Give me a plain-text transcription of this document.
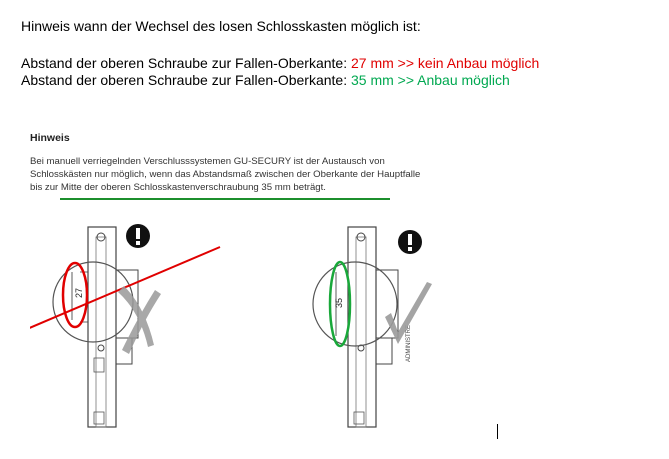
Hinweis wann der Wechsel des losen Schlosskasten möglich ist:
Abstand der oberen Schraube zur Fallen-Oberkante: 27 mm >> kein Anbau möglich
Abstand der oberen Schraube zur Fallen-Oberkante: 35 mm >> Anbau möglich
Hinweis
Bei manuell verriegelnden Verschlusssystemen GU-SECURY ist der Austausch von
Schlosskästen nur möglich, wenn das Abstandsmaß zwischen der Oberkante der Hauptfalle
bis zur Mitte der oberen Schlosskastenverschraubung 35 mm beträgt.
27
ADMINISTRE
35
